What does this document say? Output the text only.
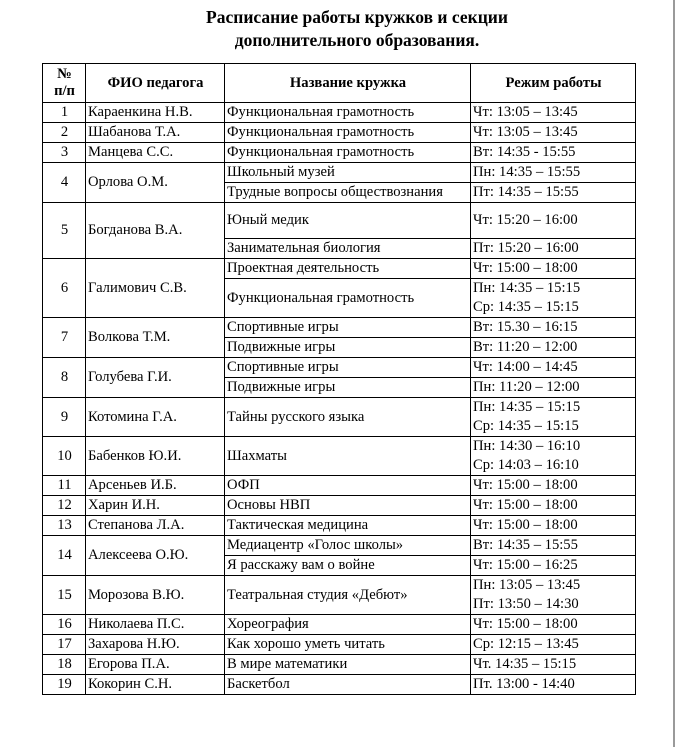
Расписание работы кружков и секции
дополнительного образования.
№ п/п	ФИО педагога	Название кружка	Режим работы
1	Караенкина Н.В.	Функциональная грамотность	Чт: 13:05 – 13:45

2	Шабанова Т.А.	Функциональная грамотность	Чт: 13:05 – 13:45

3	Манцева С.С.	Функциональная грамотность	Вт: 14:35 - 15:55

4	Орлова О.М.	Школьный музей	Пн: 14:35 – 15:55

		Трудные вопросы обществознания	Пт: 14:35 – 15:55

5	Богданова В.А.	Юный медик	Чт: 15:20 – 16:00

		Занимательная биология	Пт: 15:20 – 16:00

6	Галимович С.В.	Проектная деятельность	Чт: 15:00 – 18:00

		Функциональная грамотность	Пн: 14:35 – 15:15
Ср: 14:35 – 15:15

7	Волкова Т.М.	Спортивные игры	Вт: 15.30 – 16:15

		Подвижные игры	Вт: 11:20 – 12:00

8	Голубева Г.И.	Спортивные игры	Чт: 14:00 – 14:45

		Подвижные игры	Пн: 11:20 – 12:00

9	Котомина Г.А.	Тайны русского языка	Пн: 14:35 – 15:15
Ср: 14:35 – 15:15

10	Бабенков Ю.И.	Шахматы	Пн: 14:30 – 16:10
Ср: 14:03 – 16:10

11	Арсеньев И.Б.	ОФП	Чт: 15:00 – 18:00

12	Харин И.Н.	Основы НВП	Чт: 15:00 – 18:00

13	Степанова Л.А.	Тактическая медицина	Чт: 15:00 – 18:00

14	Алексеева О.Ю.	Медиацентр «Голос школы»	Вт: 14:35 – 15:55

		Я расскажу вам о войне	Чт: 15:00 – 16:25

15	Морозова В.Ю.	Театральная студия «Дебют»	Пн: 13:05 – 13:45
Пт: 13:50 – 14:30

16	Николаева П.С.	Хореография	Чт: 15:00 – 18:00

17	Захарова Н.Ю.	Как хорошо уметь читать	Ср: 12:15 – 13:45

18	Егорова П.А.	В мире математики	Чт. 14:35 – 15:15

19	Кокорин С.Н.	Баскетбол	Пт. 13:00 - 14:40
